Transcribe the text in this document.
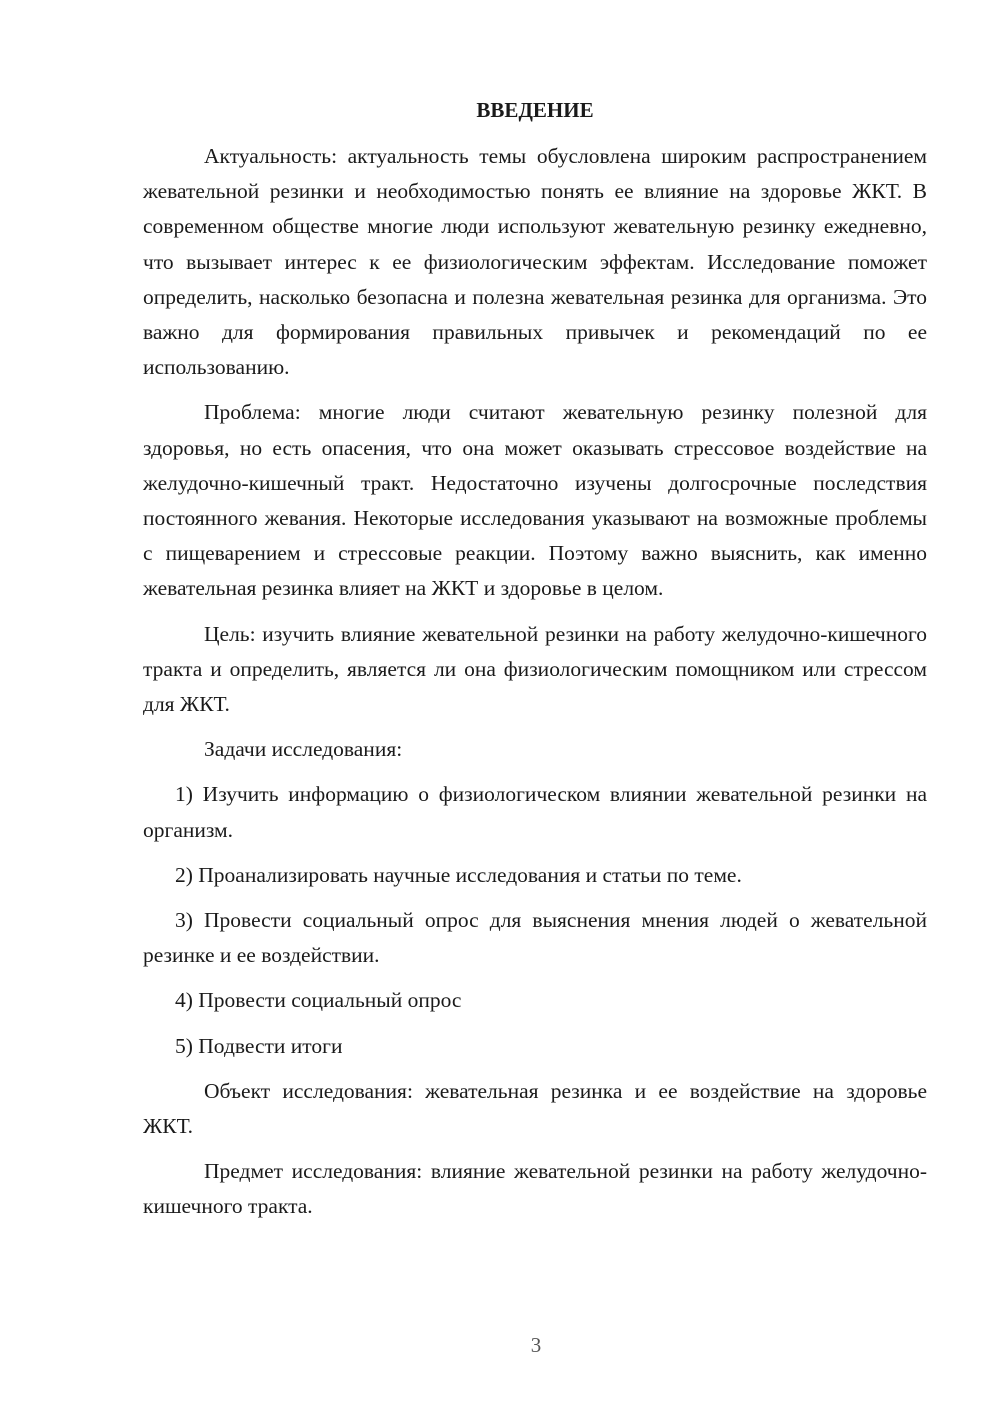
ВВЕДЕНИЕ

Актуальность: актуальность темы обусловлена широким распространением жевательной резинки и необходимостью понять ее влияние на здоровье ЖКТ. В современном обществе многие люди используют жевательную резинку ежедневно, что вызывает интерес к ее физиологическим эффектам. Исследование поможет определить, насколько безопасна и полезна жевательная резинка для организма. Это важно для формирования правильных привычек и рекомендаций по ее использованию.

Проблема: многие люди считают жевательную резинку полезной для здоровья, но есть опасения, что она может оказывать стрессовое воздействие на желудочно-кишечный тракт. Недостаточно изучены долгосрочные последствия постоянного жевания. Некоторые исследования указывают на возможные проблемы с пищеварением и стрессовые реакции. Поэтому важно выяснить, как именно жевательная резинка влияет на ЖКТ и здоровье в целом.

Цель: изучить влияние жевательной резинки на работу желудочно-кишечного тракта и определить, является ли она физиологическим помощником или стрессом для ЖКТ.

Задачи исследования:

1) Изучить информацию о физиологическом влиянии жевательной резинки на организм.

2) Проанализировать научные исследования и статьи по теме.

3) Провести социальный опрос для выяснения мнения людей о жевательной резинке и ее воздействии.

4) Провести социальный опрос

5) Подвести итоги

Объект исследования: жевательная резинка и ее воздействие на здоровье ЖКТ.

Предмет исследования: влияние жевательной резинки на работу желудочно-кишечного тракта.

3
